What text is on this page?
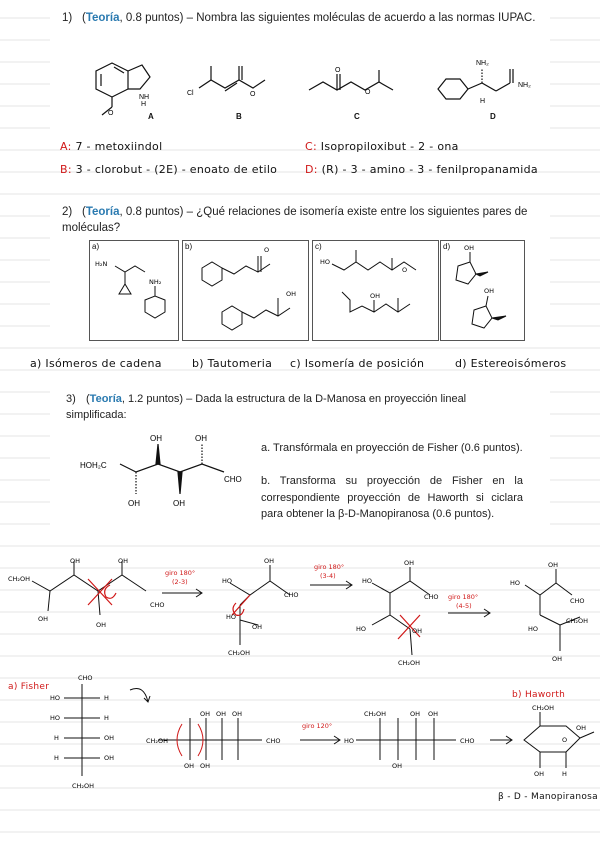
1) (Teoría, 0.8 puntos) – Nombra las siguientes moléculas de acuerdo a las normas IUPAC.
NH
H
O	A
Cl	O
B
O
O
C
NH₂
NH₂
H
D
A: 7 - metoxiindol	C: Isopropiloxibut - 2 - ona
B: 3 - clorobut - (2E) - enoato de etilo	D: (R) - 3 - amino - 3 - fenilpropanamida
2) (Teoría, 0.8 puntos) – ¿Qué relaciones de isomería existe entre los siguientes pares de moléculas?
a)
H₂N
NH₂
b)	O
OH
c)
HO
O
OH
d) OH
OH
a) Isómeros de cadena	b) Tautomeria c) Isomería de posición	d) Estereoisómeros
3) (Teoría, 1.2 puntos) – Dada la estructura de la D-Manosa en proyección lineal simplificada:
HOH₂C
OH	OH
OH	OH
CHO
a. Transfórmala en proyección de Fisher (0.6 puntos).
b. Transforma su proyección de Fisher en la correspondiente proyección de Haworth si ciclara para obtener la β-D-Manopiranosa (0.6 puntos).
giro 180°
(2-3)
giro 180°
(3-4)
giro 180°
(4-5)
CH₂OH
OH	OH
OH
OH
CHO
HO
OH
CHO
HO
OH
CH₂OH
HO
OH
CHO
HO	OH
CH₂OH
HO
OH
CHO
CH₂OH
HO
OH
a) Fisher
b) Haworth
CHO
HO	H
HO	H
H	OH
H	OH
CH₂OH
CH₂OH	CHO
OH OH OH
OH OH
giro 120°
HO	CHO
CH₂OH	OH OH
OH
CH₂OH
OH
O
OH	H
β - D - Manopiranosa
